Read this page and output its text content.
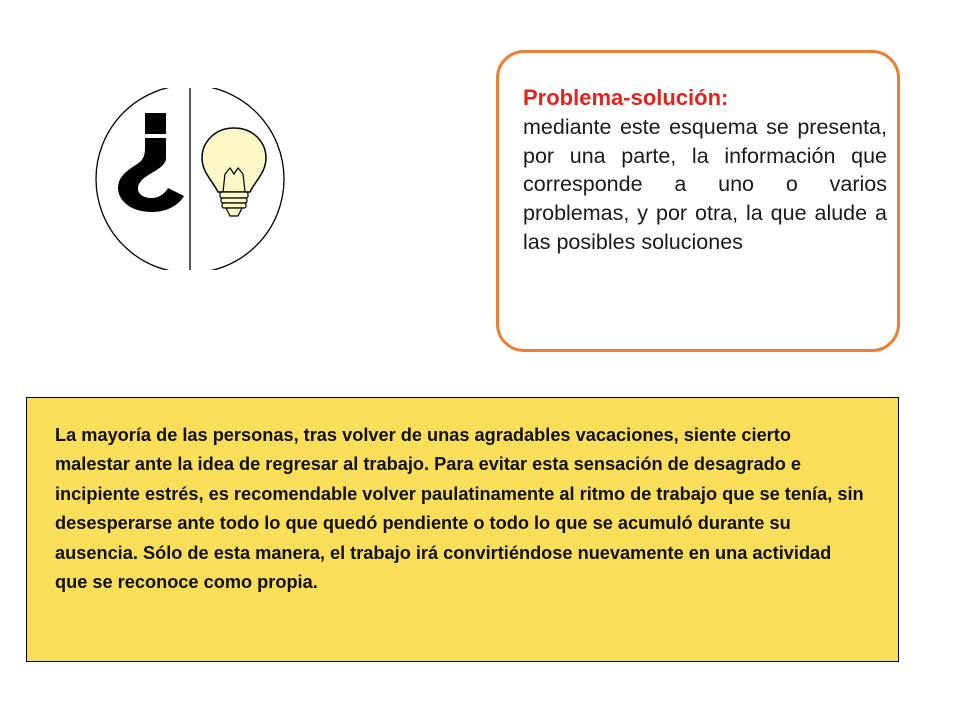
Problema-solución:

mediante este esquema se presenta, por una parte, la información que corresponde a uno o varios problemas, y por otra, la que alude a las posibles soluciones

La mayoría de las personas, tras volver de unas agradables vacaciones, siente cierto malestar ante la idea de regresar al trabajo. Para evitar esta sensación de desagrado e incipiente estrés, es recomendable volver paulatinamente al ritmo de trabajo que se tenía, sin desesperarse ante todo lo que quedó pendiente o todo lo que se acumuló durante su ausencia. Sólo de esta manera, el trabajo irá convirtiéndose nuevamente en una actividad que se reconoce como propia.
